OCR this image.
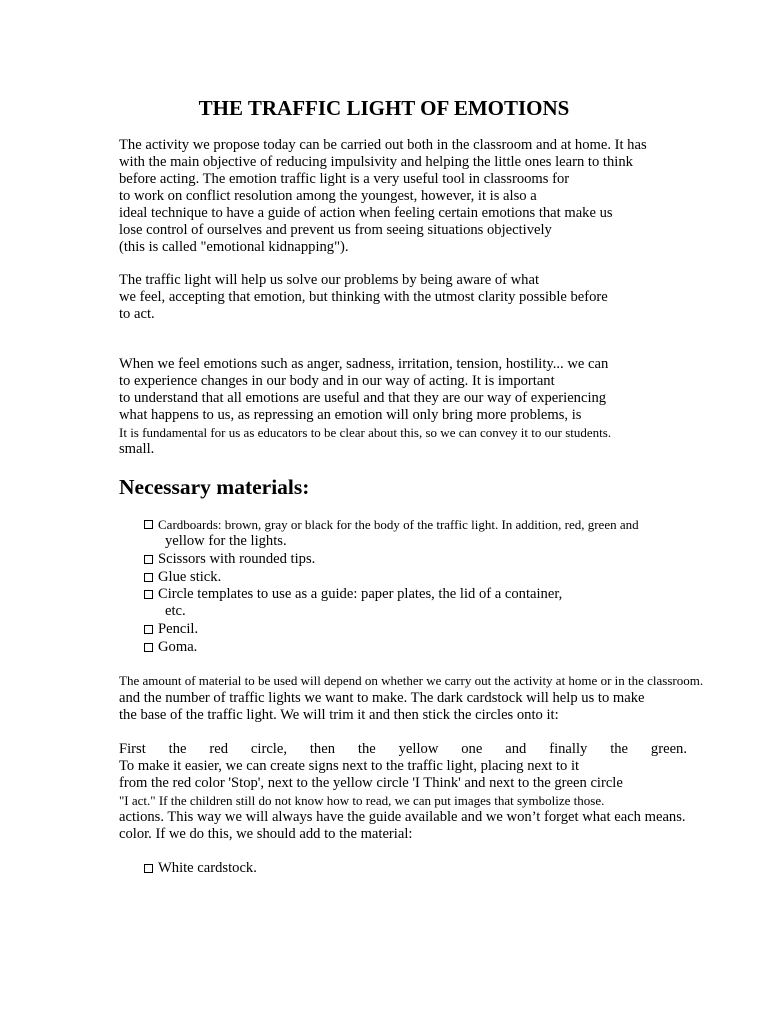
THE TRAFFIC LIGHT OF EMOTIONS
The activity we propose today can be carried out both in the classroom and at home. It has
with the main objective of reducing impulsivity and helping the little ones learn to think
before acting. The emotion traffic light is a very useful tool in classrooms for
to work on conflict resolution among the youngest, however, it is also a
ideal technique to have a guide of action when feeling certain emotions that make us
lose control of ourselves and prevent us from seeing situations objectively
(this is called "emotional kidnapping").
The traffic light will help us solve our problems by being aware of what
we feel, accepting that emotion, but thinking with the utmost clarity possible before
to act.
When we feel emotions such as anger, sadness, irritation, tension, hostility... we can
to experience changes in our body and in our way of acting. It is important
to understand that all emotions are useful and that they are our way of experiencing
what happens to us, as repressing an emotion will only bring more problems, is
It is fundamental for us as educators to be clear about this, so we can convey it to our students.
small.
Necessary materials:
Cardboards: brown, gray or black for the body of the traffic light. In addition, red, green and
yellow for the lights.
Scissors with rounded tips.
Glue stick.
Circle templates to use as a guide: paper plates, the lid of a container,
etc.
Pencil.
Goma.
The amount of material to be used will depend on whether we carry out the activity at home or in the classroom.
and the number of traffic lights we want to make. The dark cardstock will help us to make
the base of the traffic light. We will trim it and then stick the circles onto it:
First the red circle, then the yellow one and finally the green.
To make it easier, we can create signs next to the traffic light, placing next to it
from the red color 'Stop', next to the yellow circle 'I Think' and next to the green circle
"I act." If the children still do not know how to read, we can put images that symbolize those.
actions. This way we will always have the guide available and we won’t forget what each means.
color. If we do this, we should add to the material:
White cardstock.
